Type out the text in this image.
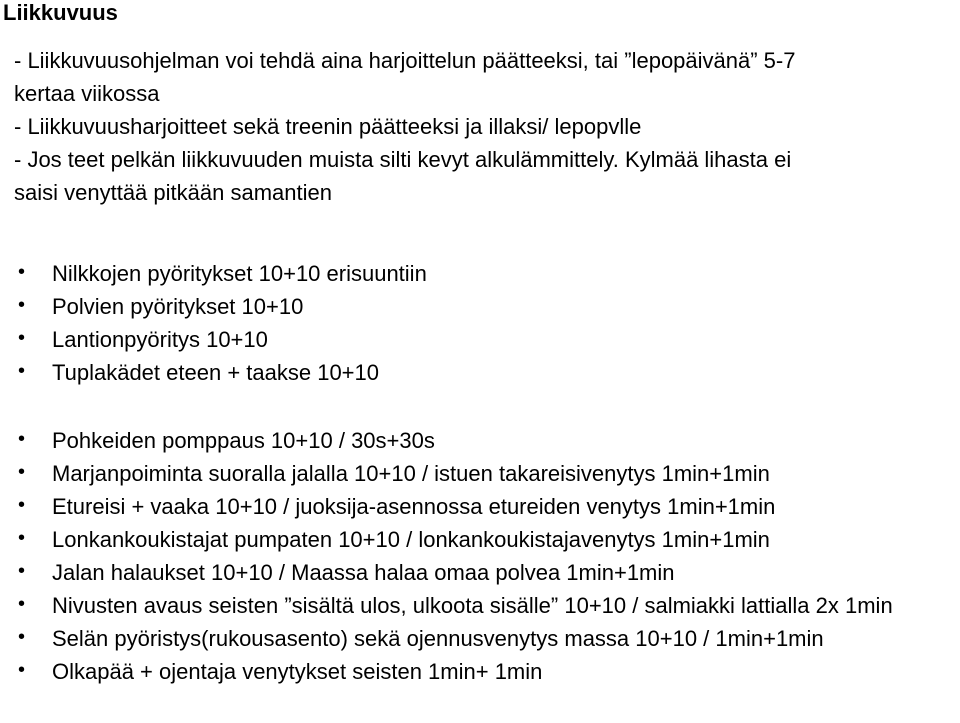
Liikkuvuus
- Liikkuvuusohjelman voi tehdä aina harjoittelun päätteeksi, tai ”lepopäivänä” 5-7
kertaa viikossa
- Liikkuvuusharjoitteet sekä treenin päätteeksi ja illaksi/ lepopvlle
- Jos teet pelkän liikkuvuuden muista silti kevyt alkulämmittely. Kylmää lihasta ei
saisi venyttää pitkään samantien
•	Nilkkojen pyöritykset 10+10 erisuuntiin
•	Polvien pyöritykset 10+10
•	Lantionpyöritys 10+10
•	Tuplakädet eteen + taakse 10+10
•	Pohkeiden pomppaus 10+10 / 30s+30s
•	Marjanpoiminta suoralla jalalla 10+10 / istuen takareisivenytys 1min+1min
•	Etureisi + vaaka 10+10 / juoksija-asennossa etureiden venytys 1min+1min
•	Lonkankoukistajat pumpaten 10+10 / lonkankoukistajavenytys 1min+1min
•	Jalan halaukset 10+10 / Maassa halaa omaa polvea 1min+1min
•	Nivusten avaus seisten ”sisältä ulos, ulkoota sisälle” 10+10 / salmiakki lattialla 2x 1min
•	Selän pyöristys(rukousasento) sekä ojennusvenytys massa 10+10 / 1min+1min
•	Olkapää + ojentaja venytykset seisten 1min+ 1min
